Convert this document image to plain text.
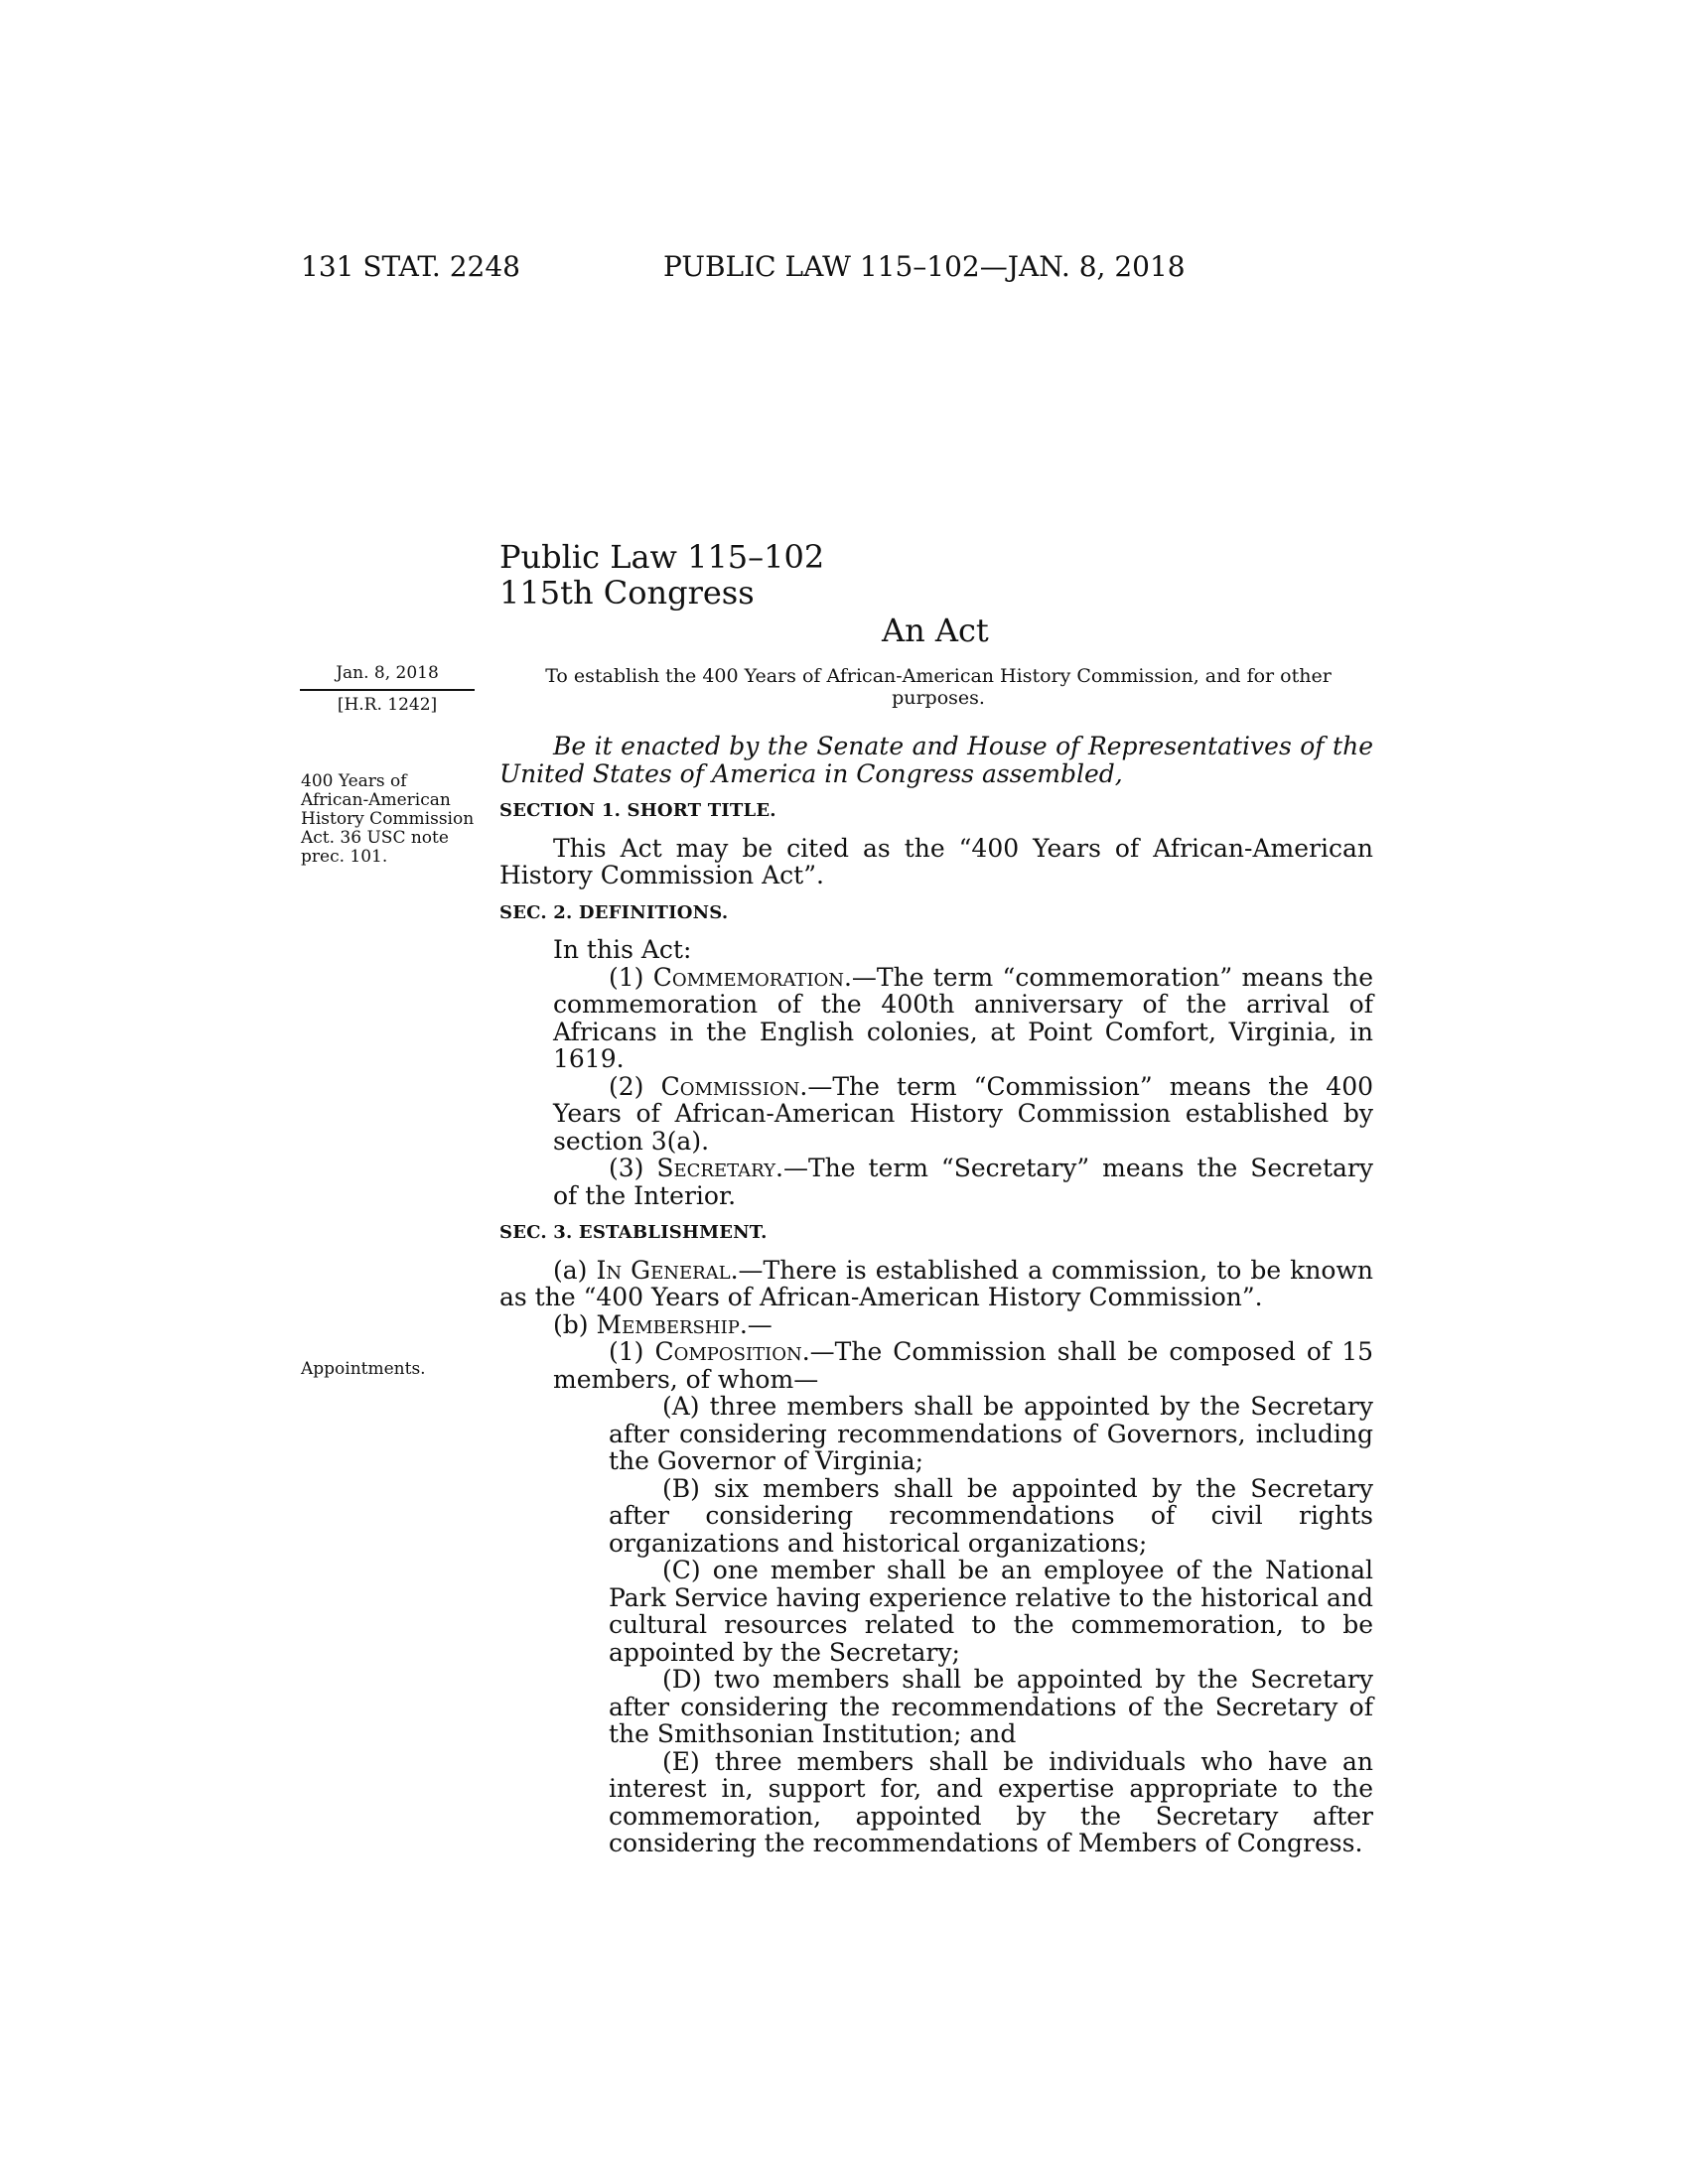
131 STAT. 2248	PUBLIC LAW 115–102—JAN. 8, 2018
Public Law 115–102
115th Congress
An Act
Jan. 8, 2018
[H.R. 1242]
400 Years of African-American History Commission Act. 36 USC note prec. 101.
Appointments.
To establish the 400 Years of African-American History Commission, and for other purposes.

Be it enacted by the Senate and House of Representatives of the United States of America in Congress assembled,

SECTION 1. SHORT TITLE.

This Act may be cited as the “400 Years of African-American History Commission Act”.

SEC. 2. DEFINITIONS.

In this Act:

(1) Commemoration.—The term “commemoration” means the commemoration of the 400th anniversary of the arrival of Africans in the English colonies, at Point Comfort, Virginia, in 1619.

(2) Commission.—The term “Commission” means the 400 Years of African-American History Commission established by section 3(a).

(3) Secretary.—The term “Secretary” means the Secretary of the Interior.

SEC. 3. ESTABLISHMENT.

(a) In General.—There is established a commission, to be known as the “400 Years of African-American History Commission”.

(b) Membership.—

(1) Composition.—The Commission shall be composed of 15 members, of whom—

(A) three members shall be appointed by the Secretary after considering recommendations of Governors, including the Governor of Virginia;

(B) six members shall be appointed by the Secretary after considering recommendations of civil rights organizations and historical organizations;

(C) one member shall be an employee of the National Park Service having experience relative to the historical and cultural resources related to the commemoration, to be appointed by the Secretary;

(D) two members shall be appointed by the Secretary after considering the recommendations of the Secretary of the Smithsonian Institution; and

(E) three members shall be individuals who have an interest in, support for, and expertise appropriate to the commemoration, appointed by the Secretary after considering the recommendations of Members of Congress.
